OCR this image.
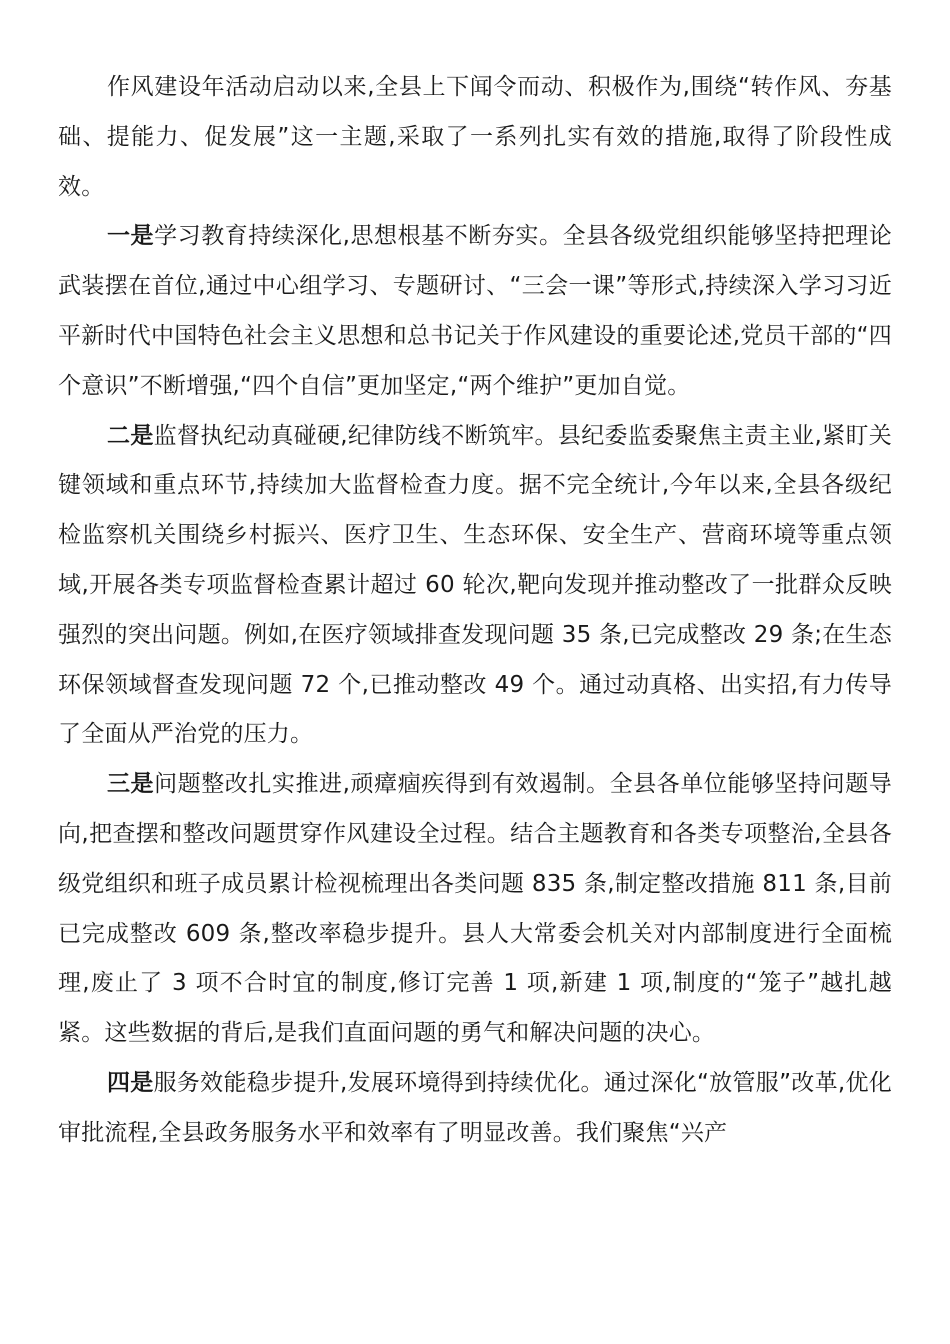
作风建设年活动启动以来,全县上下闻令而动、积极作为,围绕“转作风、夯基础、提能力、促发展”这一主题,采取了一系列扎实有效的措施,取得了阶段性成效。

一是学习教育持续深化,思想根基不断夯实。全县各级党组织能够坚持把理论武装摆在首位,通过中心组学习、专题研讨、“三会一课”等形式,持续深入学习习近平新时代中国特色社会主义思想和总书记关于作风建设的重要论述,党员干部的“四个意识”不断增强,“四个自信”更加坚定,“两个维护”更加自觉。

二是监督执纪动真碰硬,纪律防线不断筑牢。县纪委监委聚焦主责主业,紧盯关键领域和重点环节,持续加大监督检查力度。据不完全统计,今年以来,全县各级纪检监察机关围绕乡村振兴、医疗卫生、生态环保、安全生产、营商环境等重点领域,开展各类专项监督检查累计超过 60 轮次,靶向发现并推动整改了一批群众反映强烈的突出问题。例如,在医疗领域排查发现问题 35 条,已完成整改 29 条;在生态环保领域督查发现问题 72 个,已推动整改 49 个。通过动真格、出实招,有力传导了全面从严治党的压力。

三是问题整改扎实推进,顽瘴痼疾得到有效遏制。全县各单位能够坚持问题导向,把查摆和整改问题贯穿作风建设全过程。结合主题教育和各类专项整治,全县各级党组织和班子成员累计检视梳理出各类问题 835 条,制定整改措施 811 条,目前已完成整改 609 条,整改率稳步提升。县人大常委会机关对内部制度进行全面梳理,废止了 3 项不合时宜的制度,修订完善 1 项,新建 1 项,制度的“笼子”越扎越紧。这些数据的背后,是我们直面问题的勇气和解决问题的决心。

四是服务效能稳步提升,发展环境得到持续优化。通过深化“放管服”改革,优化审批流程,全县政务服务水平和效率有了明显改善。我们聚焦“兴产
